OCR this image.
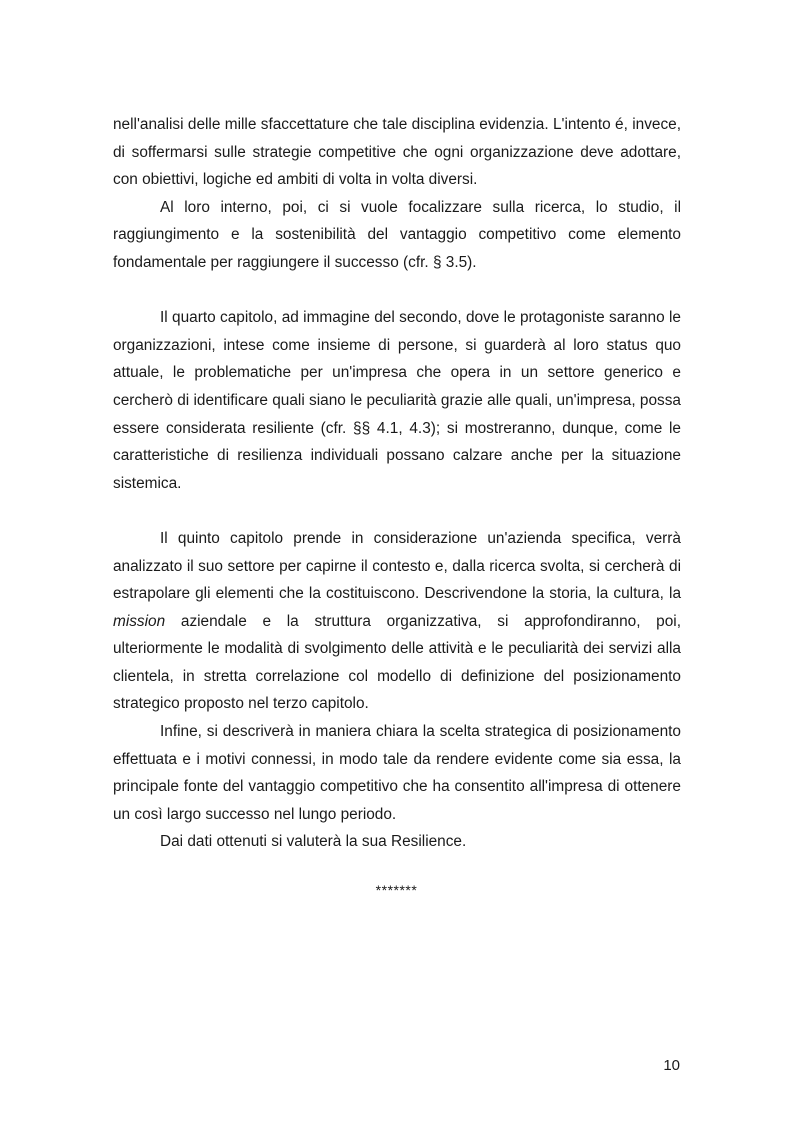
nell'analisi delle mille sfaccettature che tale disciplina evidenzia. L'intento é, invece, di soffermarsi sulle strategie competitive che ogni organizzazione deve adottare, con obiettivi, logiche ed ambiti di volta in volta diversi.

Al loro interno, poi, ci si vuole focalizzare sulla ricerca, lo studio, il raggiungimento e la sostenibilità del vantaggio competitivo come elemento fondamentale per raggiungere il successo (cfr. § 3.5).

Il quarto capitolo, ad immagine del secondo, dove le protagoniste saranno le organizzazioni, intese come insieme di persone, si guarderà al loro status quo attuale, le problematiche per un'impresa che opera in un settore generico e cercherò di identificare quali siano le peculiarità grazie alle quali, un'impresa, possa essere considerata resiliente (cfr. §§ 4.1, 4.3); si mostreranno, dunque, come le caratteristiche di resilienza individuali possano calzare anche per la situazione sistemica.

Il quinto capitolo prende in considerazione un'azienda specifica, verrà analizzato il suo settore per capirne il contesto e, dalla ricerca svolta, si cercherà di estrapolare gli elementi che la costituiscono. Descrivendone la storia, la cultura, la mission aziendale e la struttura organizzativa, si approfondiranno, poi, ulteriormente le modalità di svolgimento delle attività e le peculiarità dei servizi alla clientela, in stretta correlazione col modello di definizione del posizionamento strategico proposto nel terzo capitolo.

Infine, si descriverà in maniera chiara la scelta strategica di posizionamento effettuata e i motivi connessi, in modo tale da rendere evidente come sia essa, la principale fonte del vantaggio competitivo che ha consentito all'impresa di ottenere un così largo successo nel lungo periodo.

Dai dati ottenuti si valuterà la sua Resilience.

*******
10
